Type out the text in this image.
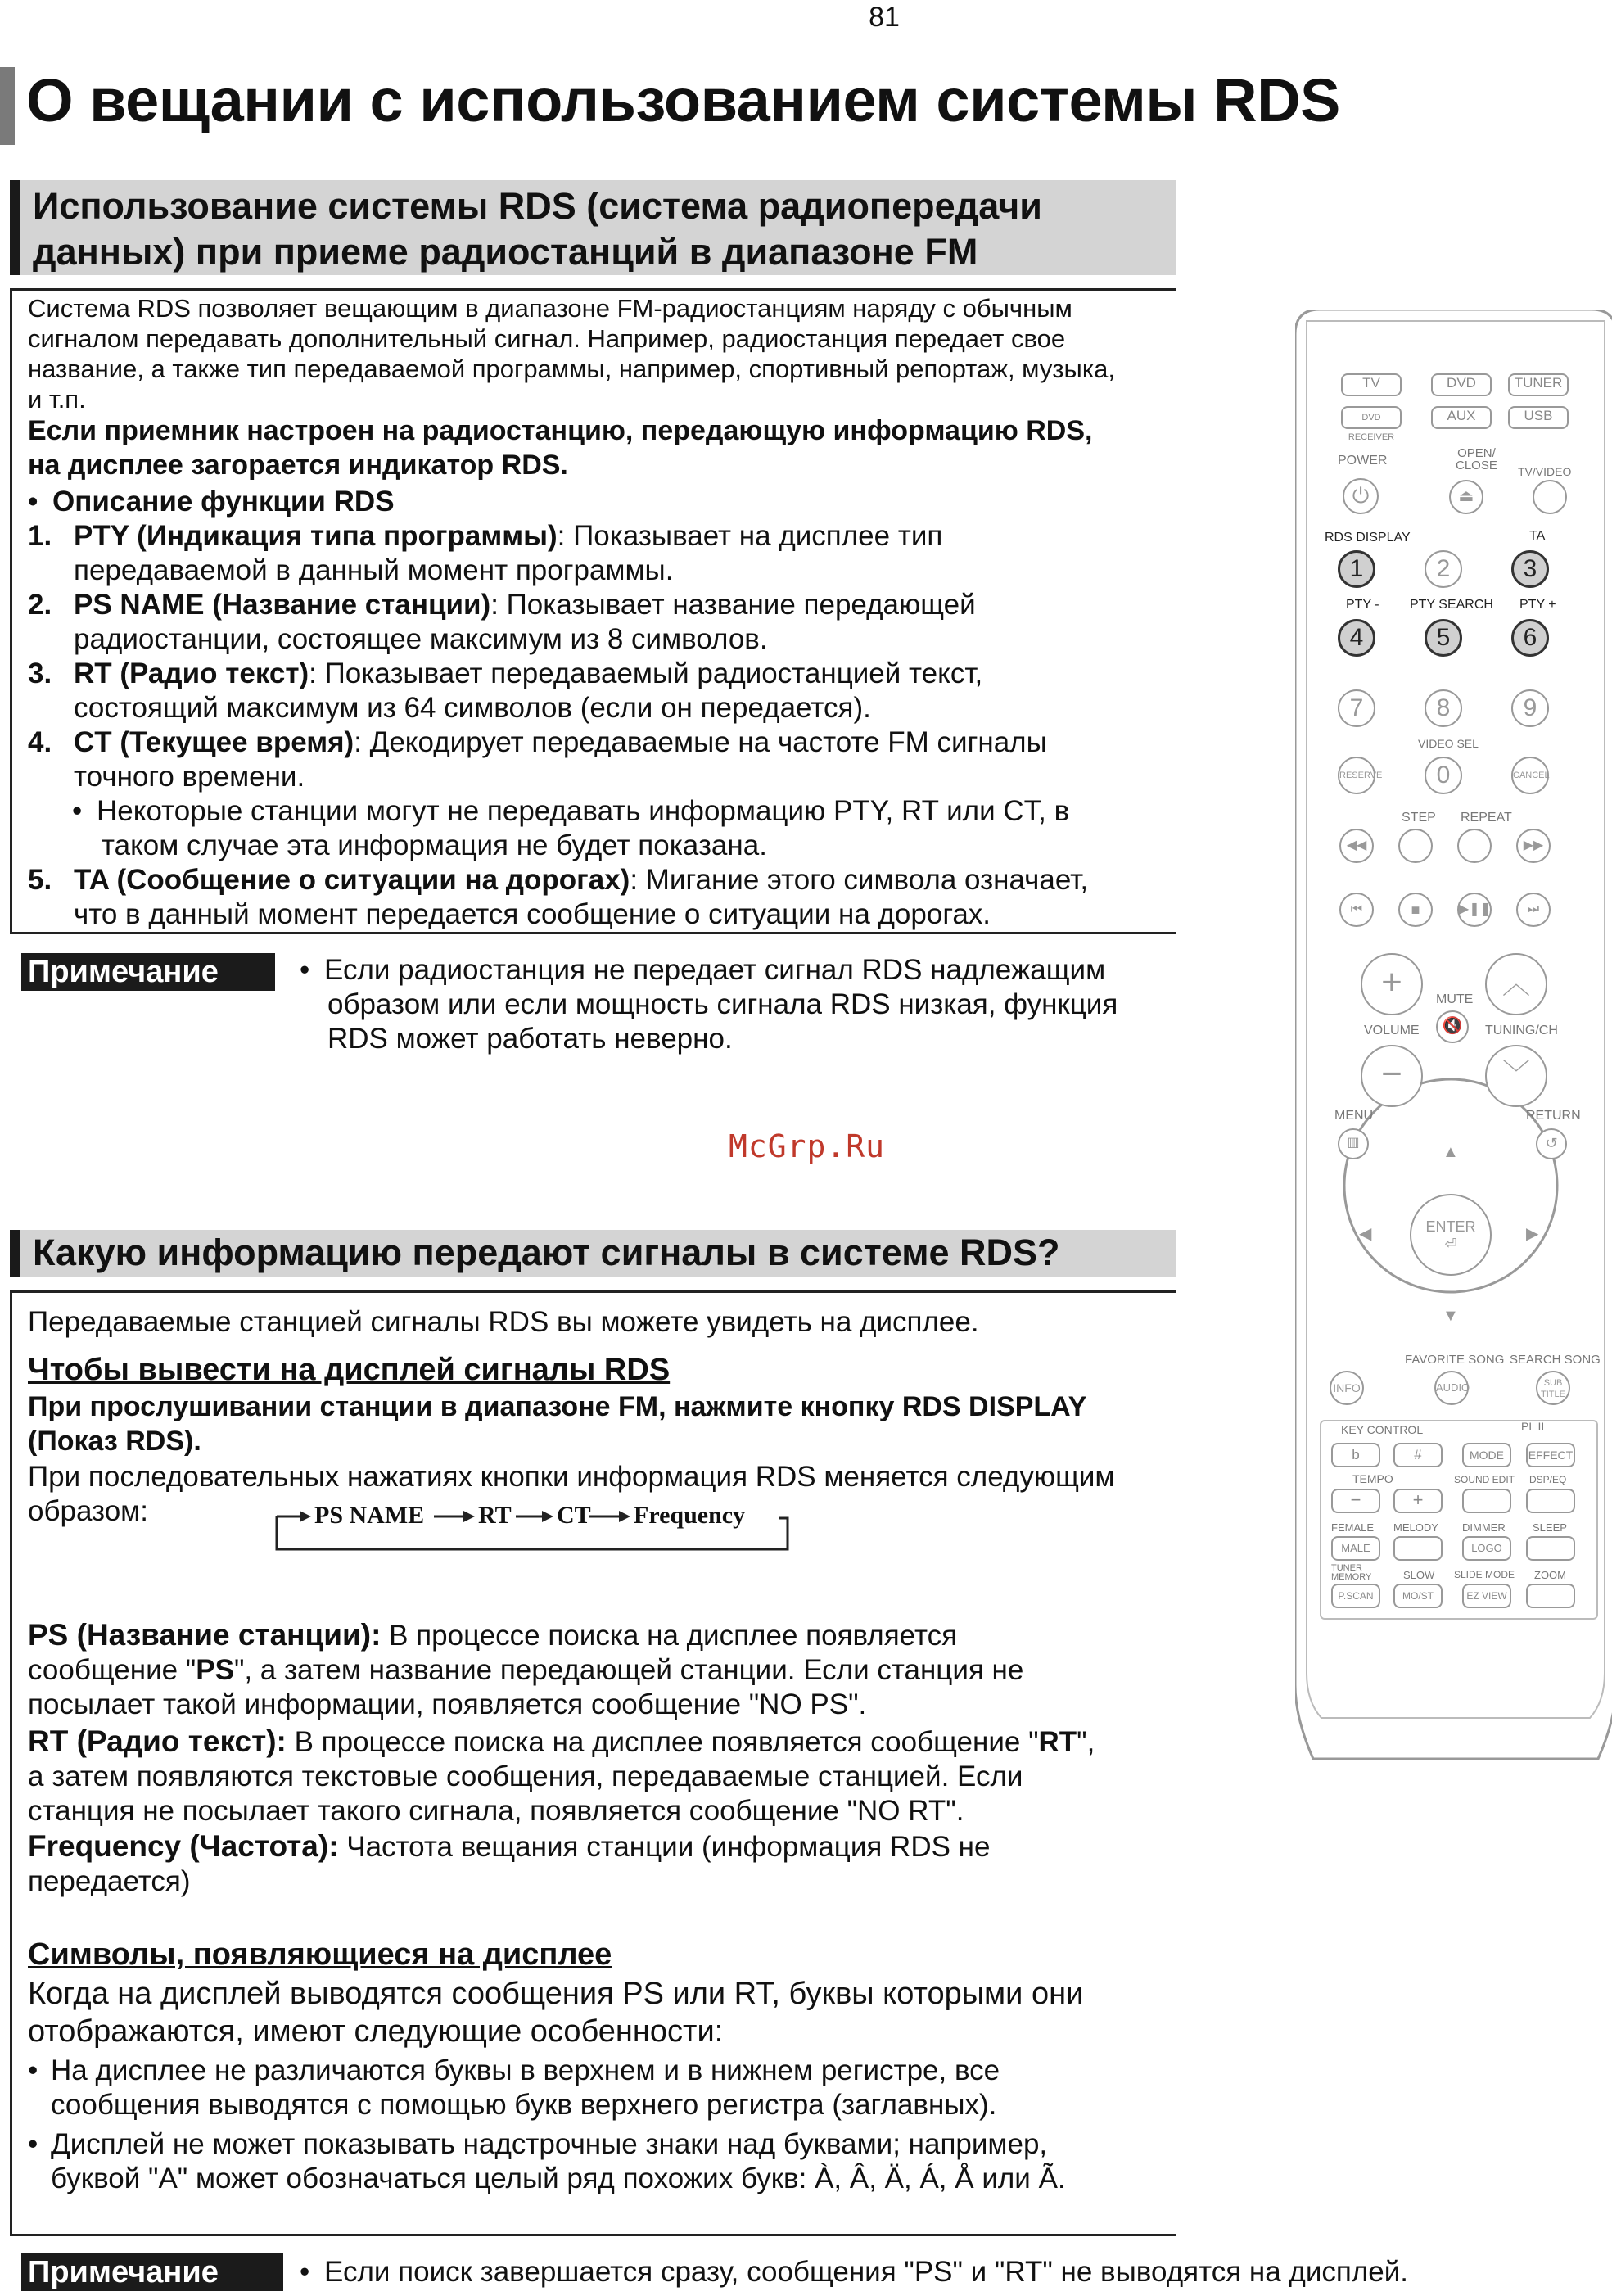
81
О вещании с использованием системы RDS
Использование системы RDS (система радиопередачи
данных) при приеме радиостанций в диапазоне FM
Система RDS позволяет вещающим в диапазоне FM-радиостанциям наряду с обычным
сигналом передавать дополнительный сигнал. Например, радиостанция передает свое
название, а также тип передаваемой программы, например, спортивный репортаж, музыка,
и т.п.
Если приемник настроен на радиостанцию, передающую информацию RDS,
на дисплее загорается индикатор RDS.
• Описание функции RDS
1. PTY (Индикация типа программы): Показывает на дисплее тип
передаваемой в данный момент программы.
2. PS NAME (Название станции): Показывает название передающей
радиостанции, состоящее максимум из 8 символов.
3. RT (Радио текст): Показывает передаваемый радиостанцией текст,
состоящий максимум из 64 символов (если он передается).
4. CT (Текущее время): Декодирует передаваемые на частоте FM сигналы
точного времени.
• Некоторые станции могут не передавать информацию PTY, RT или CT, в
таком случае эта информация не будет показана.
5. TA (Сообщение о ситуации на дорогах): Мигание этого символа означает,
что в данный момент передается сообщение о ситуации на дорогах.
Примечание	• Если радиостанция не передает сигнал RDS надлежащим
образом или если мощность сигнала RDS низкая, функция
RDS может работать неверно.
McGrp.Ru
Какую информацию передают сигналы в системе RDS?
Передаваемые станцией сигналы RDS вы можете увидеть на дисплее.
Чтобы вывести на дисплей сигналы RDS
При прослушивании станции в диапазоне FM, нажмите кнопку RDS DISPLAY
(Показ RDS).
При последовательных нажатиях кнопки информация RDS меняется следующим
образом:	PS NAME RT CT Frequency
PS (Название станции): В процессе поиска на дисплее появляется
сообщение "PS", а затем название передающей станции. Если станция не
посылает такой информации, появляется сообщение "NO PS".
RT (Радио текст): В процессе поиска на дисплее появляется сообщение "RT",
а затем появляются текстовые сообщения, передаваемые станцией. Если
станция не посылает такого сигнала, появляется сообщение "NO RT".
Frequency (Частота): Частота вещания станции (информация RDS не
передается)
Символы, появляющиеся на дисплее
Когда на дисплей выводятся сообщения PS или RT, буквы которыми они
отображаются, имеют следующие особенности:
• На дисплее не различаются буквы в верхнем и в нижнем регистре, все
сообщения выводятся с помощью букв верхнего регистра (заглавных).
• Дисплей не может показывать надстрочные знаки над буквами; например,
буквой "A" может обозначаться целый ряд похожих букв: À, Â, Ä, Á, Å или Ã.
Примечание	• Если поиск завершается сразу, сообщения "PS" и "RT" не выводятся на дисплей.
TV	DVD	TUNER
DVD RECEIVER
AUX	USB
POWER
OPEN/
CLOSE TV/VIDEO
⏻	⏏
RDS DISPLAY	TA
1	2	3
PTY - PTY SEARCH PTY +
4	5	6
7	8	9
VIDEO SEL
RESERVE	0	CANCEL
STEP REPEAT
◀◀	▶▶
⏮	■	▶❚❚	⏭
+	︿
MUTE
🔇
VOLUME	TUNING/CH
−	﹀
MENU	RETURN
▥	↺
▲
▼
◀	▶
ENTER
⏎
FAVORITE SONG SEARCH SONG
INFO	AUDIO	SUB TITLE
KEY CONTROL	PL II
b	#	MODE	EFFECT
TEMPO	SOUND EDIT DSP/EQ
−	+
FEMALE MELODY DIMMER	SLEEP
MALE	LOGO
TUNER MEMORY	SLOW SLIDE MODE ZOOM
P.SCAN	MO/ST	EZ VIEW
